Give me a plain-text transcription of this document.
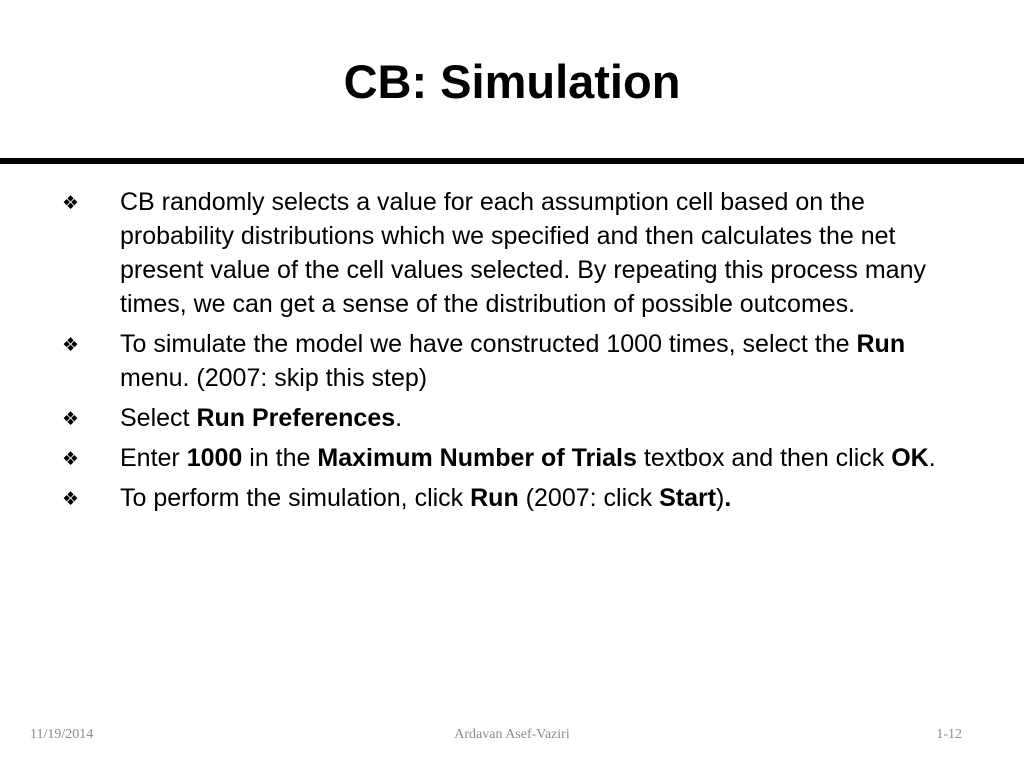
CB: Simulation
❖ CB randomly selects a value for each assumption cell based on the probability distributions which we specified and then calculates the net present value of the cell values selected. By repeating this process many times, we can get a sense of the distribution of possible outcomes.
❖ To simulate the model we have constructed 1000 times, select the Run menu. (2007: skip this step)
❖ Select Run Preferences.
❖ Enter 1000 in the Maximum Number of Trials textbox and then click OK.
❖ To perform the simulation, click Run (2007: click Start).
11/19/2014	Ardavan Asef-Vaziri	1-12
